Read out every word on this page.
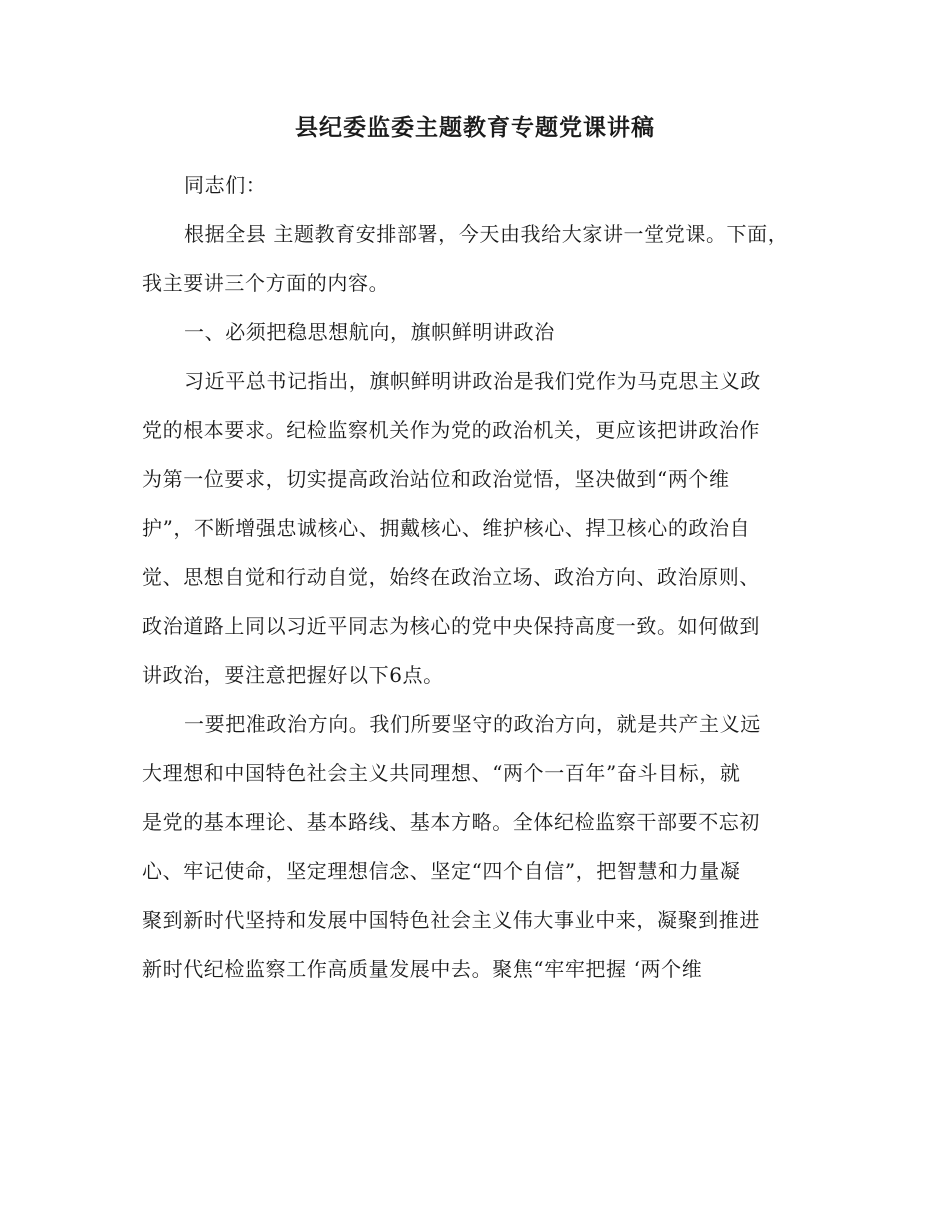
县纪委监委主题教育专题党课讲稿
同志们：
根据全县 主题教育安排部署，今天由我给大家讲一堂党课。下面，
我主要讲三个方面的内容。
一、必须把稳思想航向，旗帜鲜明讲政治
习近平总书记指出，旗帜鲜明讲政治是我们党作为马克思主义政
党的根本要求。纪检监察机关作为党的政治机关，更应该把讲政治作
为第一位要求，切实提高政治站位和政治觉悟，坚决做到“两个维
护”，不断增强忠诚核心、拥戴核心、维护核心、捍卫核心的政治自
觉、思想自觉和行动自觉，始终在政治立场、政治方向、政治原则、
政治道路上同以习近平同志为核心的党中央保持高度一致。如何做到
讲政治，要注意把握好以下6点。
一要把准政治方向。我们所要坚守的政治方向，就是共产主义远
大理想和中国特色社会主义共同理想、“两个一百年”奋斗目标，就
是党的基本理论、基本路线、基本方略。全体纪检监察干部要不忘初
心、牢记使命，坚定理想信念、坚定“四个自信”，把智慧和力量凝
聚到新时代坚持和发展中国特色社会主义伟大事业中来，凝聚到推进
新时代纪检监察工作高质量发展中去。聚焦“牢牢把握 ‘两个维
